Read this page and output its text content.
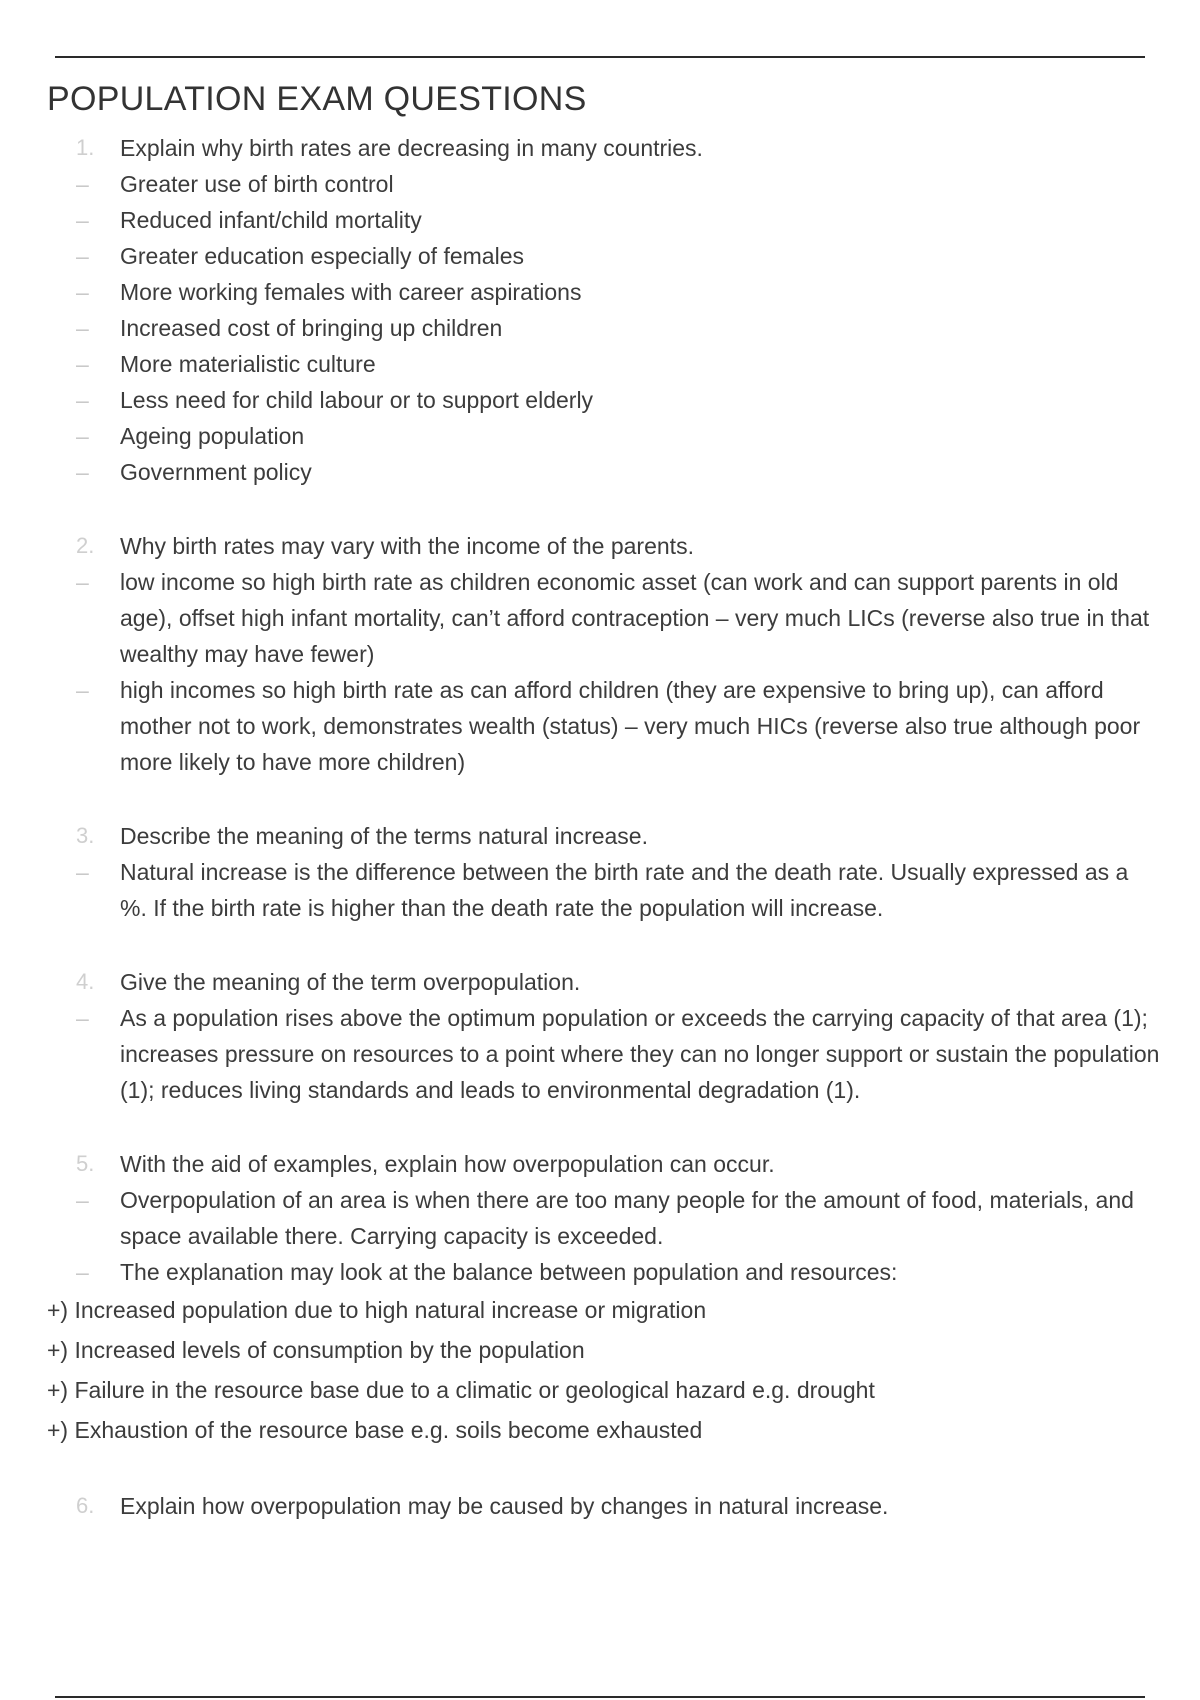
POPULATION EXAM QUESTIONS
1. Explain why birth rates are decreasing in many countries.
– Greater use of birth control
– Reduced infant/child mortality
– Greater education especially of females
– More working females with career aspirations
– Increased cost of bringing up children
– More materialistic culture
– Less need for child labour or to support elderly
– Ageing population
– Government policy
2. Why birth rates may vary with the income of the parents.
– low income so high birth rate as children economic asset (can work and can support parents in old age), offset high infant mortality, can’t afford contraception – very much LICs (reverse also true in that wealthy may have fewer)
– high incomes so high birth rate as can afford children (they are expensive to bring up), can afford mother not to work, demonstrates wealth (status) – very much HICs (reverse also true although poor more likely to have more children)
3. Describe the meaning of the terms natural increase.
– Natural increase is the difference between the birth rate and the death rate. Usually expressed as a %. If the birth rate is higher than the death rate the population will increase.
4. Give the meaning of the term overpopulation.
– As a population rises above the optimum population or exceeds the carrying capacity of that area (1); increases pressure on resources to a point where they can no longer support or sustain the population (1); reduces living standards and leads to environmental degradation (1).
5. With the aid of examples, explain how overpopulation can occur.
– Overpopulation of an area is when there are too many people for the amount of food, materials, and space available there. Carrying capacity is exceeded.
– The explanation may look at the balance between population and resources:
+) Increased population due to high natural increase or migration
+) Increased levels of consumption by the population
+) Failure in the resource base due to a climatic or geological hazard e.g. drought
+) Exhaustion of the resource base e.g. soils become exhausted
6. Explain how overpopulation may be caused by changes in natural increase.
